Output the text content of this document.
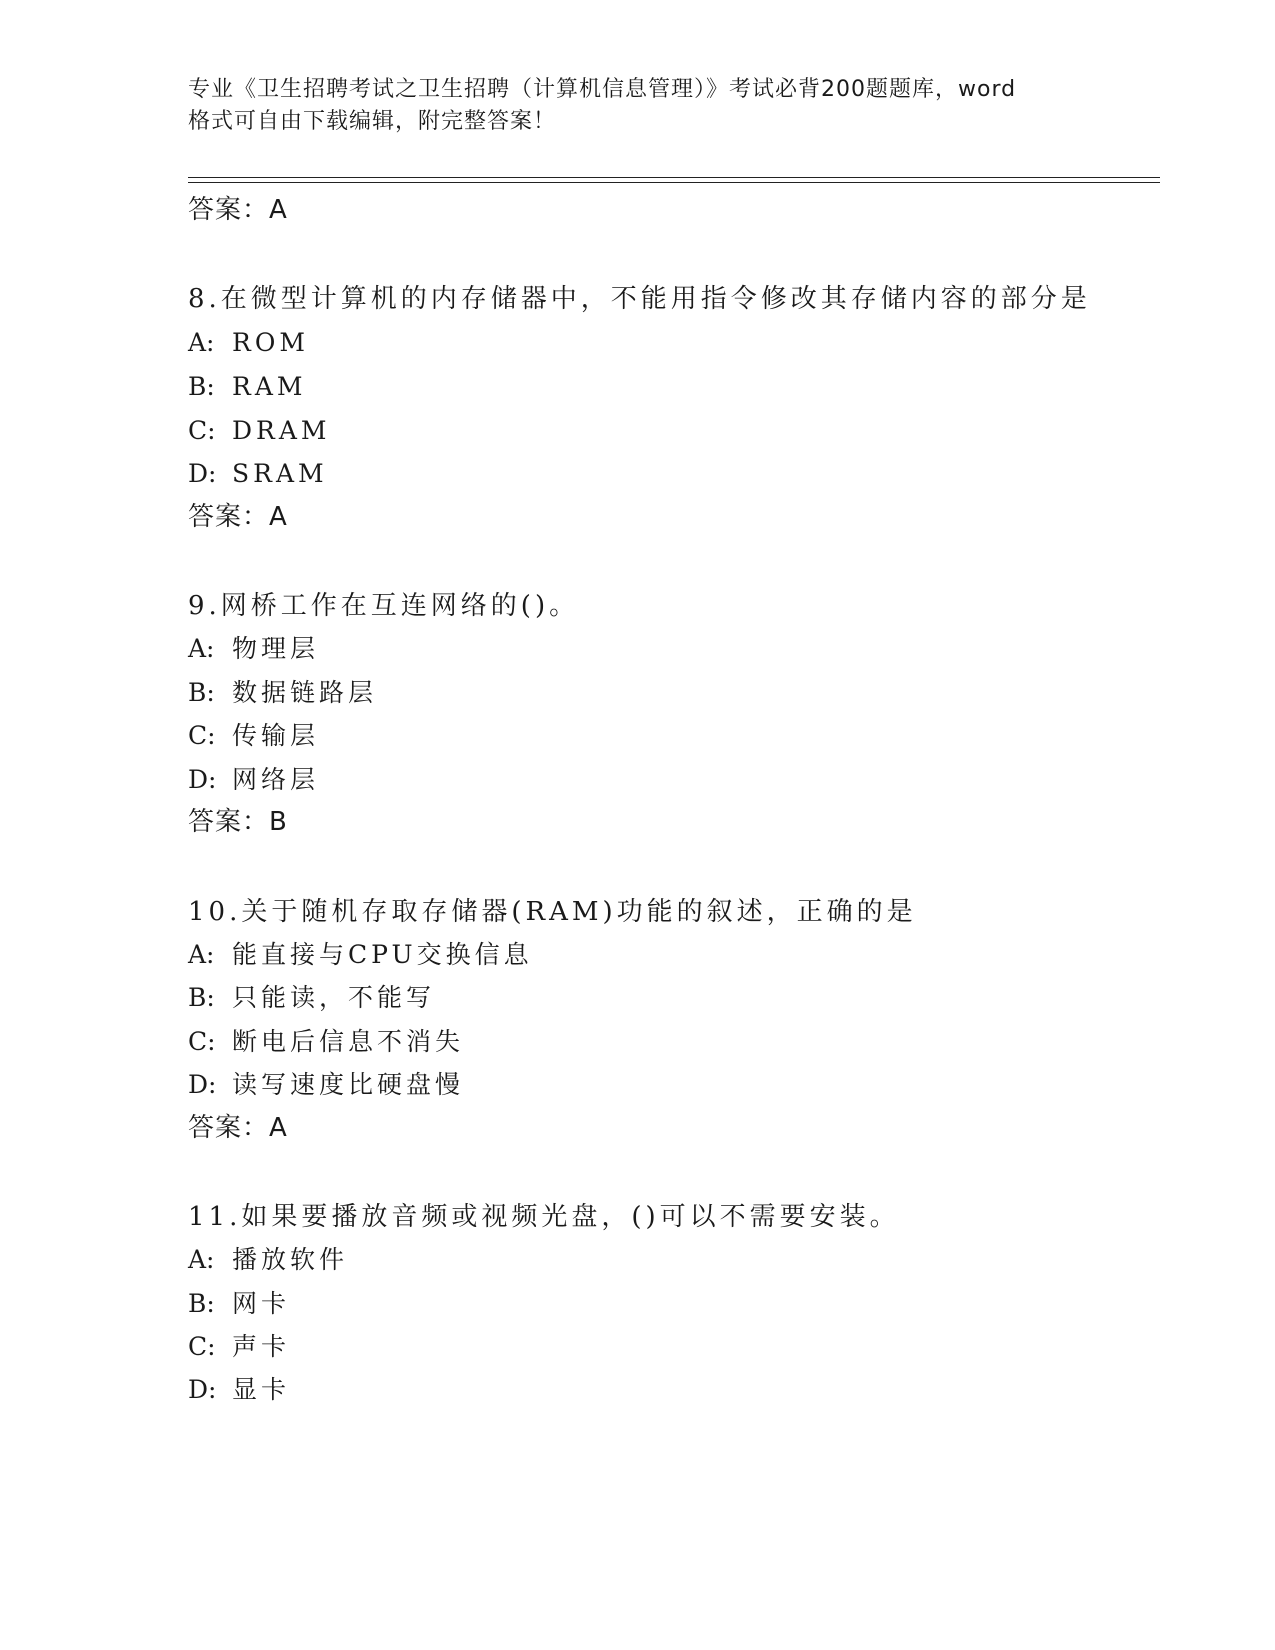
专业《卫生招聘考试之卫生招聘（计算机信息管理）》考试必背200题题库，word
格式可自由下载编辑，附完整答案！
答案：A
8.在微型计算机的内存储器中，不能用指令修改其存储内容的部分是
A: ROM
B: RAM
C: DRAM
D: SRAM
答案：A
9.网桥工作在互连网络的()。
A: 物理层
B: 数据链路层
C: 传输层
D: 网络层
答案：B
10.关于随机存取存储器(RAM)功能的叙述，正确的是
A: 能直接与CPU交换信息
B: 只能读，不能写
C: 断电后信息不消失
D: 读写速度比硬盘慢
答案：A
11.如果要播放音频或视频光盘，()可以不需要安装。
A: 播放软件
B: 网卡
C: 声卡
D: 显卡
